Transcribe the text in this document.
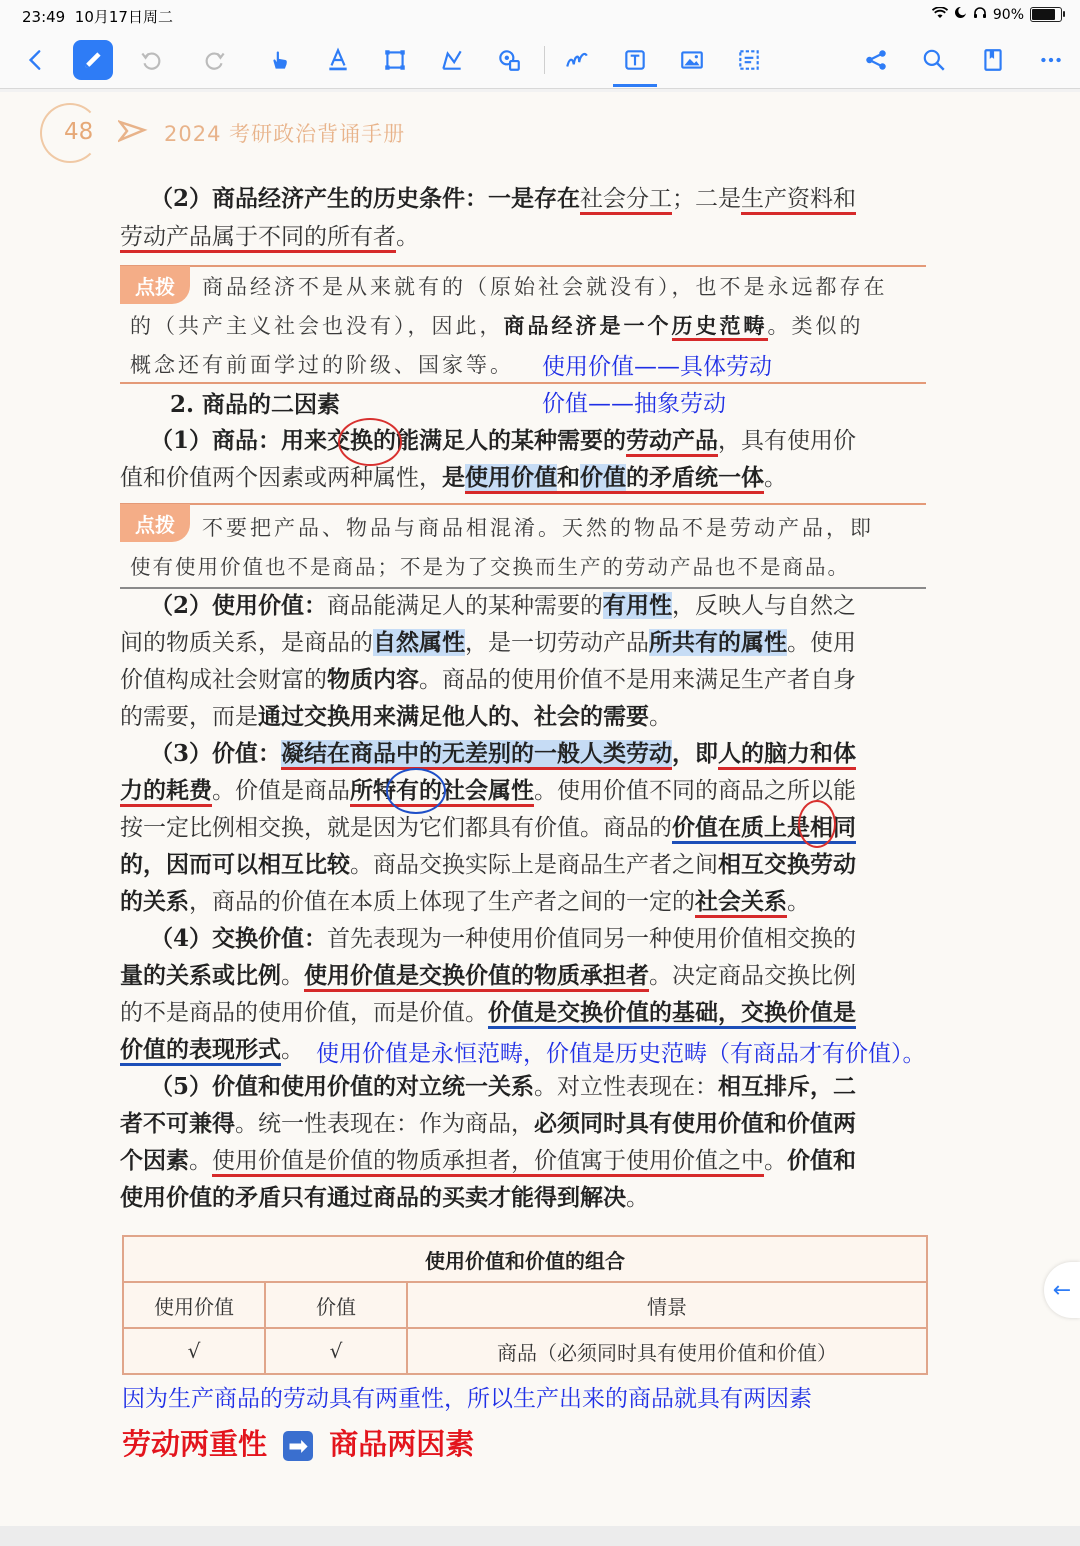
23:49 10月17日周二	90%
48	2024 考研政治背诵手册
（2）商品经济产生的历史条件：一是存在社会分工；二是生产资料和
劳动产品属于不同的所有者。
点拨	商品经济不是从来就有的（原始社会就没有），也不是永远都存在
的（共产主义社会也没有），因此，商品经济是一个历史范畴。类似的
概念还有前面学过的阶级、国家等。 使用价值——具体劳动
价值——抽象劳动
2. 商品的二因素
（1）商品：用来交换的能满足人的某种需要的劳动产品，具有使用价
值和价值两个因素或两种属性，是使用价值和价值的矛盾统一体。
点拨	不要把产品、物品与商品相混淆。天然的物品不是劳动产品，即
使有使用价值也不是商品；不是为了交换而生产的劳动产品也不是商品。
（2）使用价值：商品能满足人的某种需要的有用性，反映人与自然之
间的物质关系，是商品的自然属性，是一切劳动产品所共有的属性。使用
价值构成社会财富的物质内容。商品的使用价值不是用来满足生产者自身
的需要，而是通过交换用来满足他人的、社会的需要。
（3）价值：凝结在商品中的无差别的一般人类劳动，即人的脑力和体
力的耗费。价值是商品所特有的社会属性。使用价值不同的商品之所以能
按一定比例相交换，就是因为它们都具有价值。商品的价值在质上是相同
的，因而可以相互比较。商品交换实际上是商品生产者之间相互交换劳动
的关系，商品的价值在本质上体现了生产者之间的一定的社会关系。
（4）交换价值：首先表现为一种使用价值同另一种使用价值相交换的
量的关系或比例。使用价值是交换价值的物质承担者。决定商品交换比例
的不是商品的使用价值，而是价值。价值是交换价值的基础，交换价值是
价值的表现形式。 使用价值是永恒范畴，价值是历史范畴（有商品才有价值）。
（5）价值和使用价值的对立统一关系。对立性表现在：相互排斥，二
者不可兼得。统一性表现在：作为商品，必须同时具有使用价值和价值两
个因素。使用价值是价值的物质承担者，价值寓于使用价值之中。价值和
使用价值的矛盾只有通过商品的买卖才能得到解决。
使用价值和价值的组合		
使用价值	价值	情景
√	√	商品（必须同时具有使用价值和价值）
因为生产商品的劳动具有两重性，所以生产出来的商品就具有两因素
劳动两重性 ➡ 商品两因素
←
